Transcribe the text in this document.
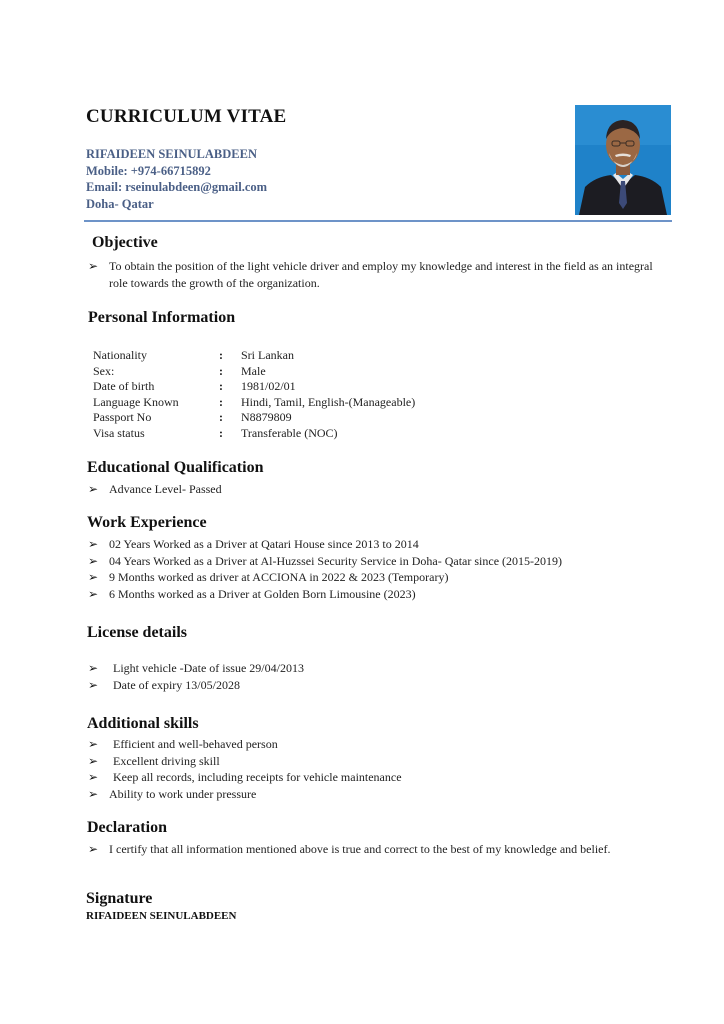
CURRICULUM VITAE
RIFAIDEEN SEINULABDEEN
Mobile: +974-66715892
Email: rseinulabdeen@gmail.com
Doha- Qatar
Objective
➢ To obtain the position of the light vehicle driver and employ my knowledge and interest in the field as an integral role towards the growth of the organization.
Personal Information
Nationality	:	Sri Lankan
Sex:	:	Male
Date of birth	:	1981/02/01
Language Known	:	Hindi, Tamil, English-(Manageable)
Passport No	:	N8879809
Visa status	:	Transferable (NOC)
Educational Qualification
➢ Advance Level- Passed
Work Experience
➢ 02 Years Worked as a Driver at Qatari House since 2013 to 2014
➢ 04 Years Worked as a Driver at Al-Huzssei Security Service in Doha- Qatar since (2015-2019)
➢ 9 Months worked as driver at ACCIONA in 2022 & 2023 (Temporary)
➢ 6 Months worked as a Driver at Golden Born Limousine (2023)
License details
➢ Light vehicle -Date of issue 29/04/2013
➢ Date of expiry 13/05/2028
Additional skills
➢ Efficient and well-behaved person
➢ Excellent driving skill
➢ Keep all records, including receipts for vehicle maintenance
➢ Ability to work under pressure
Declaration
➢ I certify that all information mentioned above is true and correct to the best of my knowledge and belief.
Signature
RIFAIDEEN SEINULABDEEN
